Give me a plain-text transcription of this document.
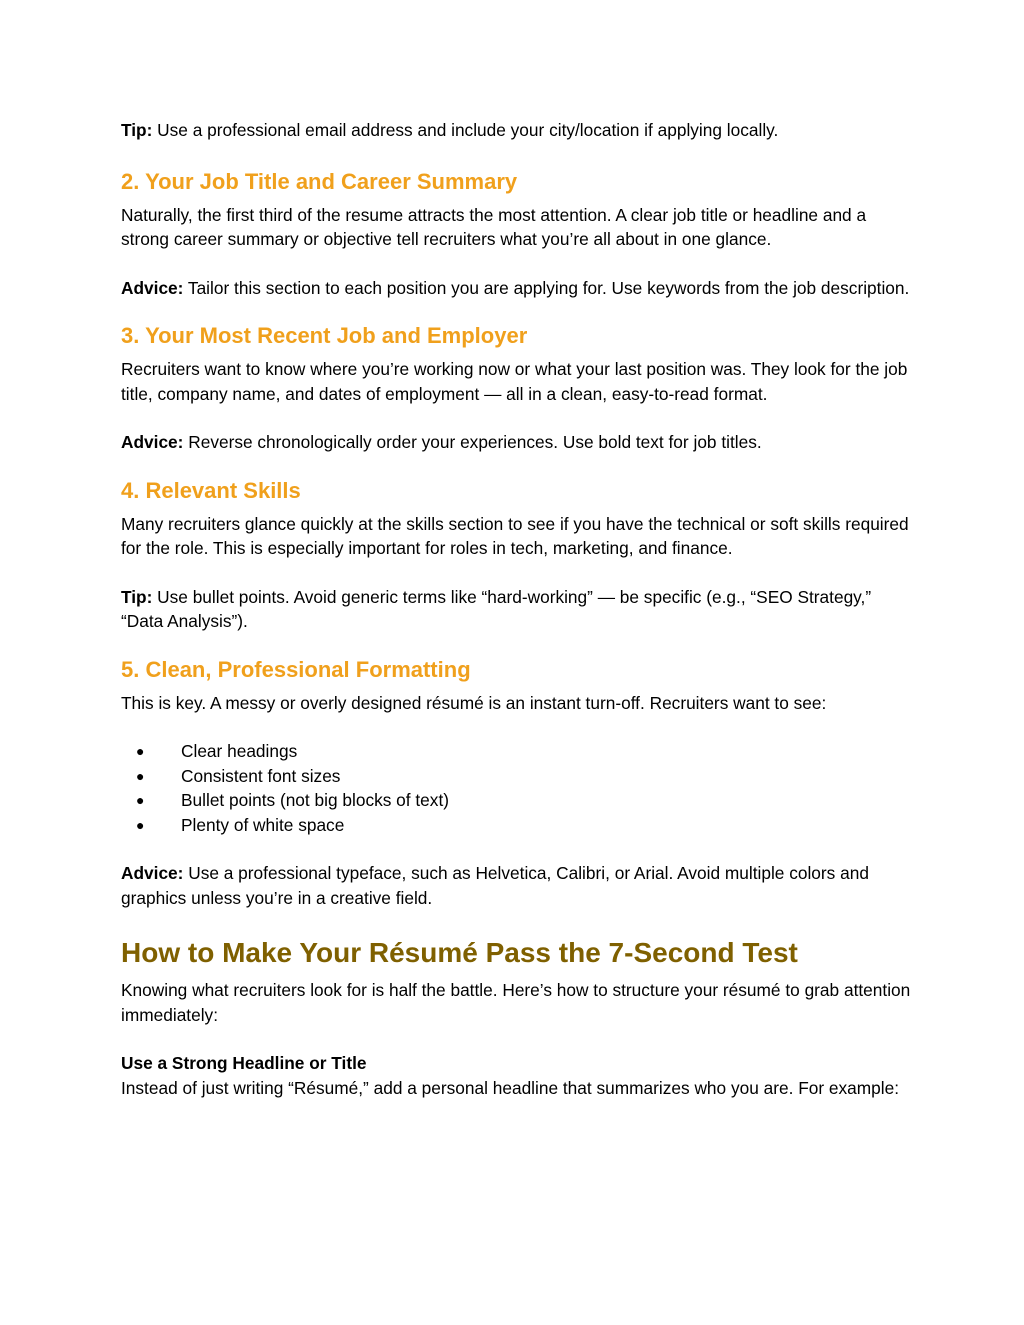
Tip: Use a professional email address and include your city/location if applying locally.

2. Your Job Title and Career Summary

Naturally, the first third of the resume attracts the most attention. A clear job title or headline and a strong career summary or objective tell recruiters what you’re all about in one glance.

Advice: Tailor this section to each position you are applying for. Use keywords from the job description.

3. Your Most Recent Job and Employer

Recruiters want to know where you’re working now or what your last position was. They look for the job title, company name, and dates of employment — all in a clean, easy-to-read format.

Advice: Reverse chronologically order your experiences. Use bold text for job titles.

4. Relevant Skills

Many recruiters glance quickly at the skills section to see if you have the technical or soft skills required for the role. This is especially important for roles in tech, marketing, and finance.

Tip: Use bullet points. Avoid generic terms like “hard-working” — be specific (e.g., “SEO Strategy,” “Data Analysis”).

5. Clean, Professional Formatting

This is key. A messy or overly designed résumé is an instant turn-off. Recruiters want to see:

● Clear headings
● Consistent font sizes
● Bullet points (not big blocks of text)
● Plenty of white space

Advice: Use a professional typeface, such as Helvetica, Calibri, or Arial. Avoid multiple colors and graphics unless you’re in a creative field.

How to Make Your Résumé Pass the 7-Second Test

Knowing what recruiters look for is half the battle. Here’s how to structure your résumé to grab attention immediately:

Use a Strong Headline or Title

Instead of just writing “Résumé,” add a personal headline that summarizes who you are. For example:
